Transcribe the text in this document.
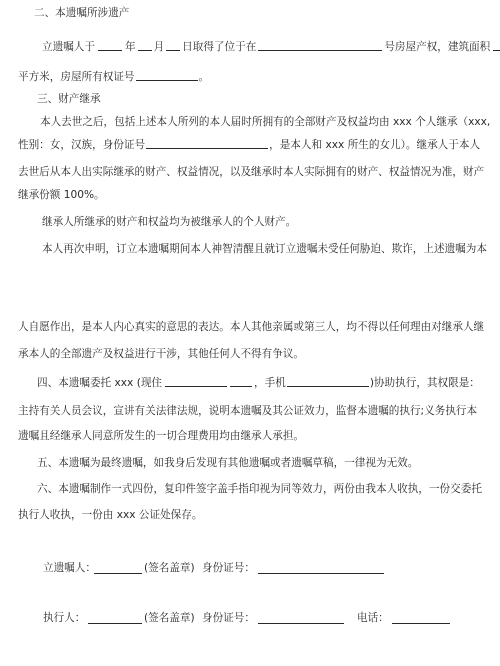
二、本遗嘱所涉遗产
立遗嘱人于	年 月 日取得了位于在	号房屋产权，建筑面积
平方米，房屋所有权证号	。
三、财产继承
本人去世之后，包括上述本人所列的本人届时所拥有的全部财产及权益均由 xxx 个人继承（xxx,
性别：女，汉族，身份证号	，是本人和 xxx 所生的女儿）。继承人于本人
去世后从本人出实际继承的财产、权益情况，以及继承时本人实际拥有的财产、权益情况为准，财产
继承份额 100%。
继承人所继承的财产和权益均为被继承人的个人财产。
本人再次申明，订立本遗嘱期间本人神智清醒且就订立遗嘱未受任何胁迫、欺诈，上述遗嘱为本
人自愿作出，是本人内心真实的意思的表达。本人其他亲属或第三人，均不得以任何理由对继承人继
承本人的全部遗产及权益进行干涉，其他任何人不得有争议。
四、本遗嘱委托 xxx (现住	，手机	)协助执行，其权限是：
主持有关人员会议，宣讲有关法律法规，说明本遗嘱及其公证效力，监督本遗嘱的执行;义务执行本
遗嘱且经继承人同意所发生的一切合理费用均由继承人承担。
五、本遗嘱为最终遗嘱，如我身后发现有其他遗嘱或者遗嘱草稿，一律视为无效。
六、本遗嘱制作一式四份，复印件签字盖手指印视为同等效力，两份由我本人收执，一份交委托
执行人收执，一份由 xxx 公证处保存。
立遗嘱人：	(签名盖章) 身份证号：
执行人：	(签名盖章) 身份证号：	电话：
